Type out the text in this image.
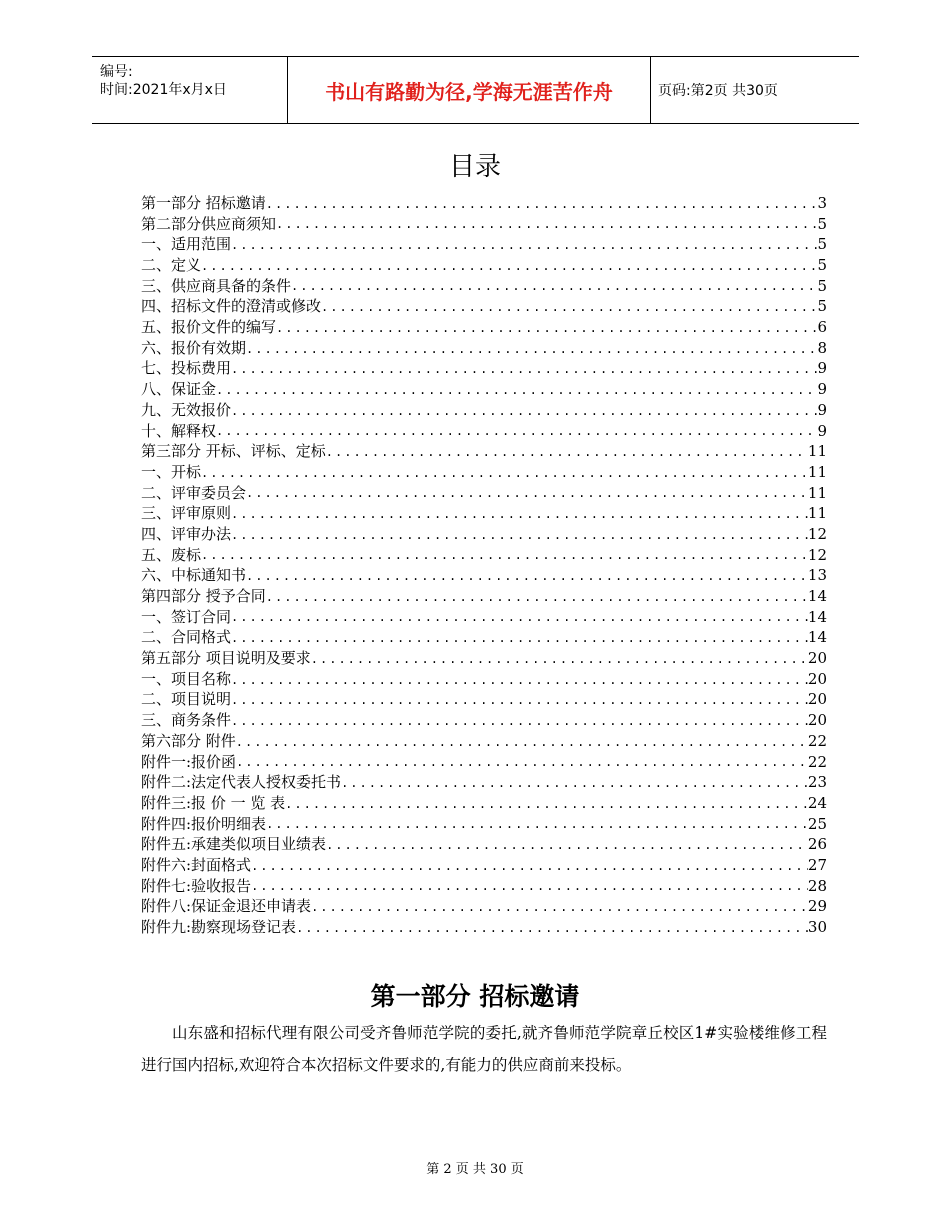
编号:
时间:2021年x月x日	书山有路勤为径,学海无涯苦作舟	页码:第2页 共30页
目录
第一部分 招标邀请 .....	3
第二部分供应商须知 .....	5
一、适用范围 .....	5
二、定义 .....	5
三、供应商具备的条件 .....	5
四、招标文件的澄清或修改 .....	5
五、报价文件的编写 .....	6
六、报价有效期 .....	8
七、投标费用 .....	9
八、保证金 .....	9
九、无效报价 .....	9
十、解释权 .....	9
第三部分 开标、评标、定标 .....	11
一、开标 .....	11
二、评审委员会 .....	11
三、评审原则 .....	11
四、评审办法 .....	12
五、废标 .....	12
六、中标通知书 .....	13
第四部分 授予合同 .....	14
一、签订合同 .....	14
二、合同格式 .....	14
第五部分 项目说明及要求 .....	20
一、项目名称 .....	20
二、项目说明 .....	20
三、商务条件 .....	20
第六部分 附件 .....	22
附件一:报价函 .....	22
附件二:法定代表人授权委托书 .....	23
附件三:报 价 一 览 表 .....	24
附件四:报价明细表 .....	25
附件五:承建类似项目业绩表 .....	26
附件六:封面格式 .....	27
附件七:验收报告 .....	28
附件八:保证金退还申请表 .....	29
附件九:勘察现场登记表 .....	30
第一部分 招标邀请
山东盛和招标代理有限公司受齐鲁师范学院的委托,就齐鲁师范学院章丘校区1#实验楼维修工程进行国内招标,欢迎符合本次招标文件要求的,有能力的供应商前来投标。
第 2 页 共 30 页
